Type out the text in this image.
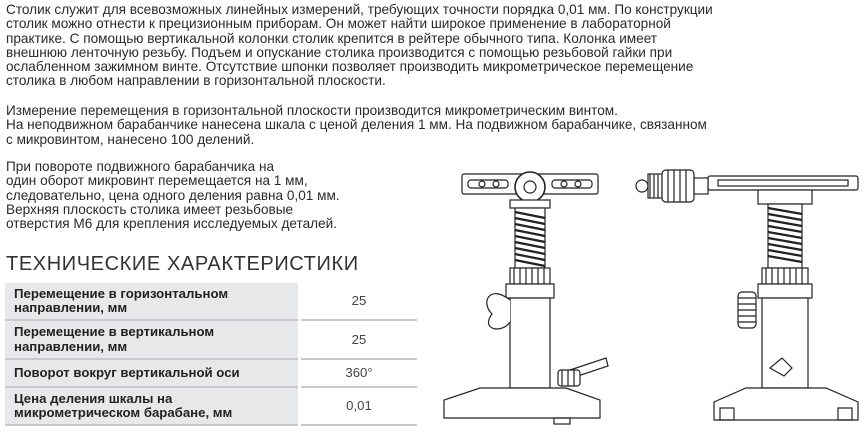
Столик служит для всевозможных линейных измерений, требующих точности порядка 0,01 мм. По конструкции
столик можно отнести к прецизионным приборам. Он может найти широкое применение в лабораторной
практике. С помощью вертикальной колонки столик крепится в рейтере обычного типа. Колонка имеет
внешнюю ленточную резьбу. Подъем и опускание столика производится с помощью резьбовой гайки при
ослабленном зажимном винте. Отсутствие шпонки позволяет производить микрометрическое перемещение
столика в любом направлении в горизонтальной плоскости.

Измерение перемещения в горизонтальной плоскости производится микрометрическим винтом.
На неподвижном барабанчике нанесена шкала с ценой деления 1 мм. На подвижном барабанчике, связанном
с микровинтом, нанесено 100 делений.

При повороте подвижного барабанчика на
один оборот микровинт перемещается на 1 мм,
следовательно, цена одного деления равна 0,01 мм.
Верхняя плоскость столика имеет резьбовые
отверстия М6 для крепления исследуемых деталей.

ТЕХНИЧЕСКИЕ ХАРАКТЕРИСТИКИ
Перемещение в горизонтальном
направлении, мм	25
Перемещение в вертикальном
направлении, мм	25
Поворот вокруг вертикальной оси	360°
Цена деления шкалы на
микрометрическом барабане, мм	0,01
